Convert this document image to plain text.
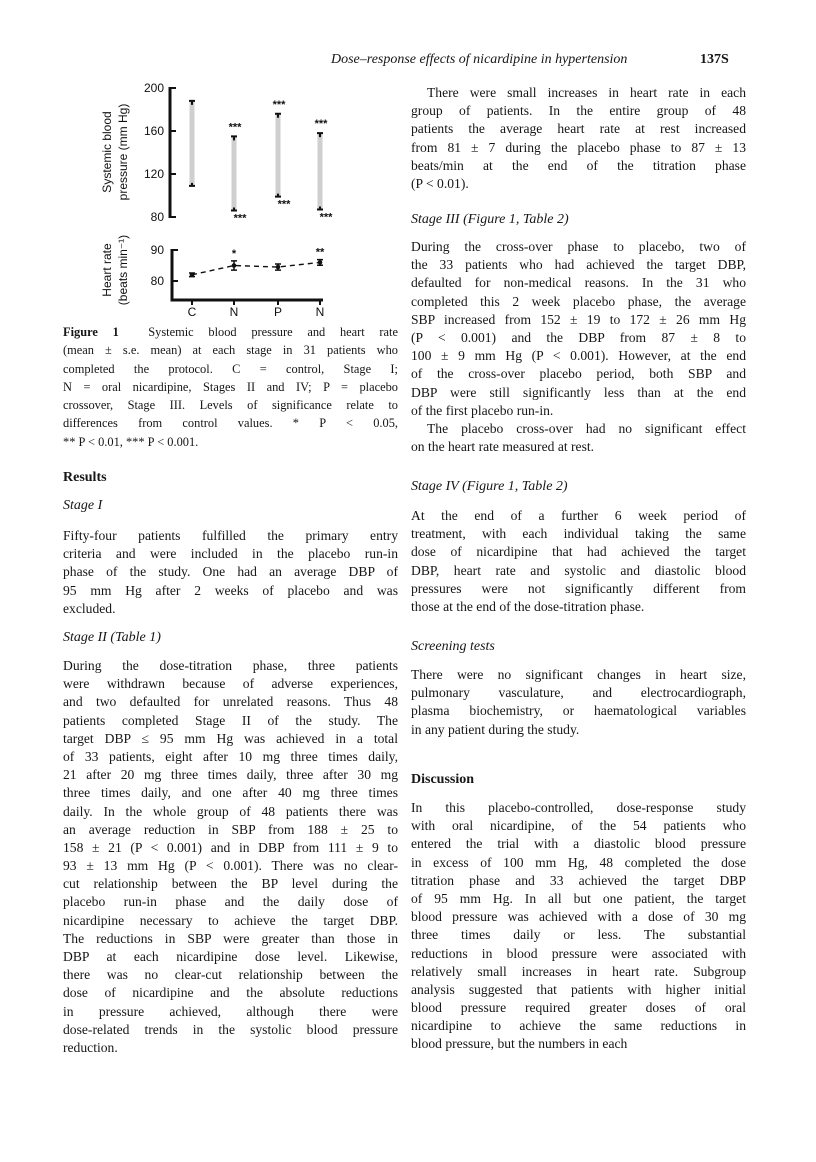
Dose–response effects of nicardipine in hypertension	137S
200
160
120
80
Systemic blood pressure (mm Hg)	***
***
***
***
***
***
90
80
Heart rate (beats min⁻¹)
C
*
N	P
**
N
Figure 1 Systemic blood pressure and heart rate
(mean ± s.e. mean) at each stage in 31 patients who
completed the protocol. C = control, Stage I;
N = oral nicardipine, Stages II and IV; P = placebo
crossover, Stage III. Levels of significance relate to
differences from control values. * P < 0.05,
** P < 0.01, *** P < 0.001.
Results
Stage I
Fifty-four patients fulfilled the primary entry
criteria and were included in the placebo run-in
phase of the study. One had an average DBP of
95 mm Hg after 2 weeks of placebo and was
excluded.
Stage II (Table 1)
During the dose-titration phase, three patients
were withdrawn because of adverse experiences,
and two defaulted for unrelated reasons. Thus 48
patients completed Stage II of the study. The
target DBP ≤ 95 mm Hg was achieved in a total
of 33 patients, eight after 10 mg three times daily,
21 after 20 mg three times daily, three after 30 mg
three times daily, and one after 40 mg three times
daily. In the whole group of 48 patients there was
an average reduction in SBP from 188 ± 25 to
158 ± 21 (P < 0.001) and in DBP from 111 ± 9 to
93 ± 13 mm Hg (P < 0.001). There was no clear-
cut relationship between the BP level during the
placebo run-in phase and the daily dose of
nicardipine necessary to achieve the target DBP.
The reductions in SBP were greater than those in
DBP at each nicardipine dose level. Likewise,
there was no clear-cut relationship between the
dose of nicardipine and the absolute reductions
in pressure achieved, although there were
dose-related trends in the systolic blood pressure
reduction.
There were small increases in heart rate in each
group of patients. In the entire group of 48
patients the average heart rate at rest increased
from 81 ± 7 during the placebo phase to 87 ± 13
beats/min at the end of the titration phase
(P < 0.01).
Stage III (Figure 1, Table 2)
During the cross-over phase to placebo, two of
the 33 patients who had achieved the target DBP,
defaulted for non-medical reasons. In the 31 who
completed this 2 week placebo phase, the average
SBP increased from 152 ± 19 to 172 ± 26 mm Hg
(P < 0.001) and the DBP from 87 ± 8 to
100 ± 9 mm Hg (P < 0.001). However, at the end
of the cross-over placebo period, both SBP and
DBP were still significantly less than at the end
of the first placebo run-in.
The placebo cross-over had no significant effect
on the heart rate measured at rest.
Stage IV (Figure 1, Table 2)
At the end of a further 6 week period of
treatment, with each individual taking the same
dose of nicardipine that had achieved the target
DBP, heart rate and systolic and diastolic blood
pressures were not significantly different from
those at the end of the dose-titration phase.
Screening tests
There were no significant changes in heart size,
pulmonary vasculature, and electrocardiograph,
plasma biochemistry, or haematological variables
in any patient during the study.
Discussion
In this placebo-controlled, dose-response study
with oral nicardipine, of the 54 patients who
entered the trial with a diastolic blood pressure
in excess of 100 mm Hg, 48 completed the dose
titration phase and 33 achieved the target DBP
of 95 mm Hg. In all but one patient, the target
blood pressure was achieved with a dose of 30 mg
three times daily or less. The substantial
reductions in blood pressure were associated with
relatively small increases in heart rate. Subgroup
analysis suggested that patients with higher initial
blood pressure required greater doses of oral
nicardipine to achieve the same reductions in
blood pressure, but the numbers in each
